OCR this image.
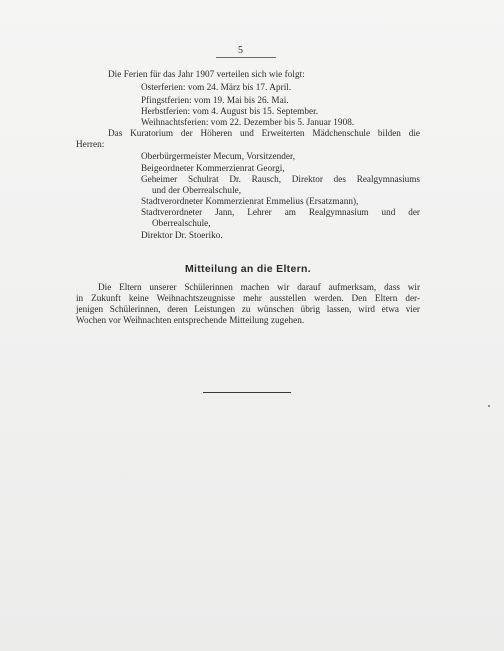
5
Die Ferien für das Jahr 1907 verteilen sich wie folgt:
Osterferien: vom 24. März bis 17. April.
Pfingstferien: vom 19. Mai bis 26. Mai.
Herbstferien: vom 4. August bis 15. September.
Weihnachtsferien: vom 22. Dezember bis 5. Januar 1908.
Das Kuratorium der Höheren und Erweiterten Mädchenschule bilden die
Herren:
Oberbürgermeister Mecum, Vorsitzender,
Beigeordneter Kommerzienrat Georgi,
Geheimer Schulrat Dr. Rausch, Direktor des Realgymnasiums
und der Oberrealschule,
Stadtverordneter Kommerzienrat Emmelius (Ersatzmann),
Stadtverordneter Jann, Lehrer am Realgymnasium und der
Oberrealschule,
Direktor Dr. Stoeriko.
Mitteilung an die Eltern.
Die Eltern unserer Schülerinnen machen wir darauf aufmerksam, dass wir
in Zukunft keine Weihnachtszeugnisse mehr ausstellen werden. Den Eltern der-
jenigen Schülerinnen, deren Leistungen zu wünschen übrig lassen, wird etwa vier
Wochen vor Weihnachten entsprechende Mitteilung zugehen.
